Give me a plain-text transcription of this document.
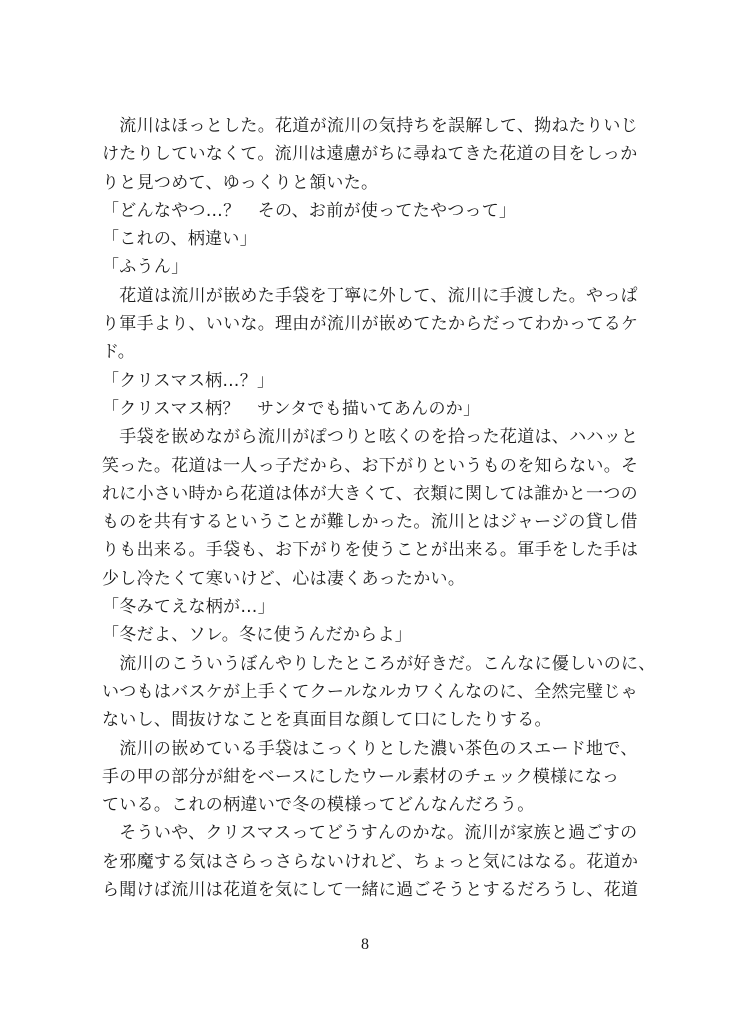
　流川はほっとした。花道が流川の気持ちを誤解して、拗ねたりいじ
けたりしていなくて。流川は遠慮がちに尋ねてきた花道の目をしっか
りと見つめて、ゆっくりと頷いた。
「どんなやつ…？　その、お前が使ってたやつって」
「これの、柄違い」
「ふうん」
　花道は流川が嵌めた手袋を丁寧に外して、流川に手渡した。やっぱ
り軍手より、いいな。理由が流川が嵌めてたからだってわかってるケ
ド。
「クリスマス柄…？」
「クリスマス柄？　サンタでも描いてあんのか」
　手袋を嵌めながら流川がぽつりと呟くのを拾った花道は、ハハッと
笑った。花道は一人っ子だから、お下がりというものを知らない。そ
れに小さい時から花道は体が大きくて、衣類に関しては誰かと一つの
ものを共有するということが難しかった。流川とはジャージの貸し借
りも出来る。手袋も、お下がりを使うことが出来る。軍手をした手は
少し冷たくて寒いけど、心は凄くあったかい。
「冬みてえな柄が…」
「冬だよ、ソレ。冬に使うんだからよ」
　流川のこういうぼんやりしたところが好きだ。こんなに優しいのに、
いつもはバスケが上手くてクールなルカワくんなのに、全然完璧じゃ
ないし、間抜けなことを真面目な顔して口にしたりする。
　流川の嵌めている手袋はこっくりとした濃い茶色のスエード地で、
手の甲の部分が紺をベースにしたウール素材のチェック模様になっ
ている。これの柄違いで冬の模様ってどんなんだろう。
　そういや、クリスマスってどうすんのかな。流川が家族と過ごすの
を邪魔する気はさらっさらないけれど、ちょっと気にはなる。花道か
ら聞けば流川は花道を気にして一緒に過ごそうとするだろうし、花道
8
